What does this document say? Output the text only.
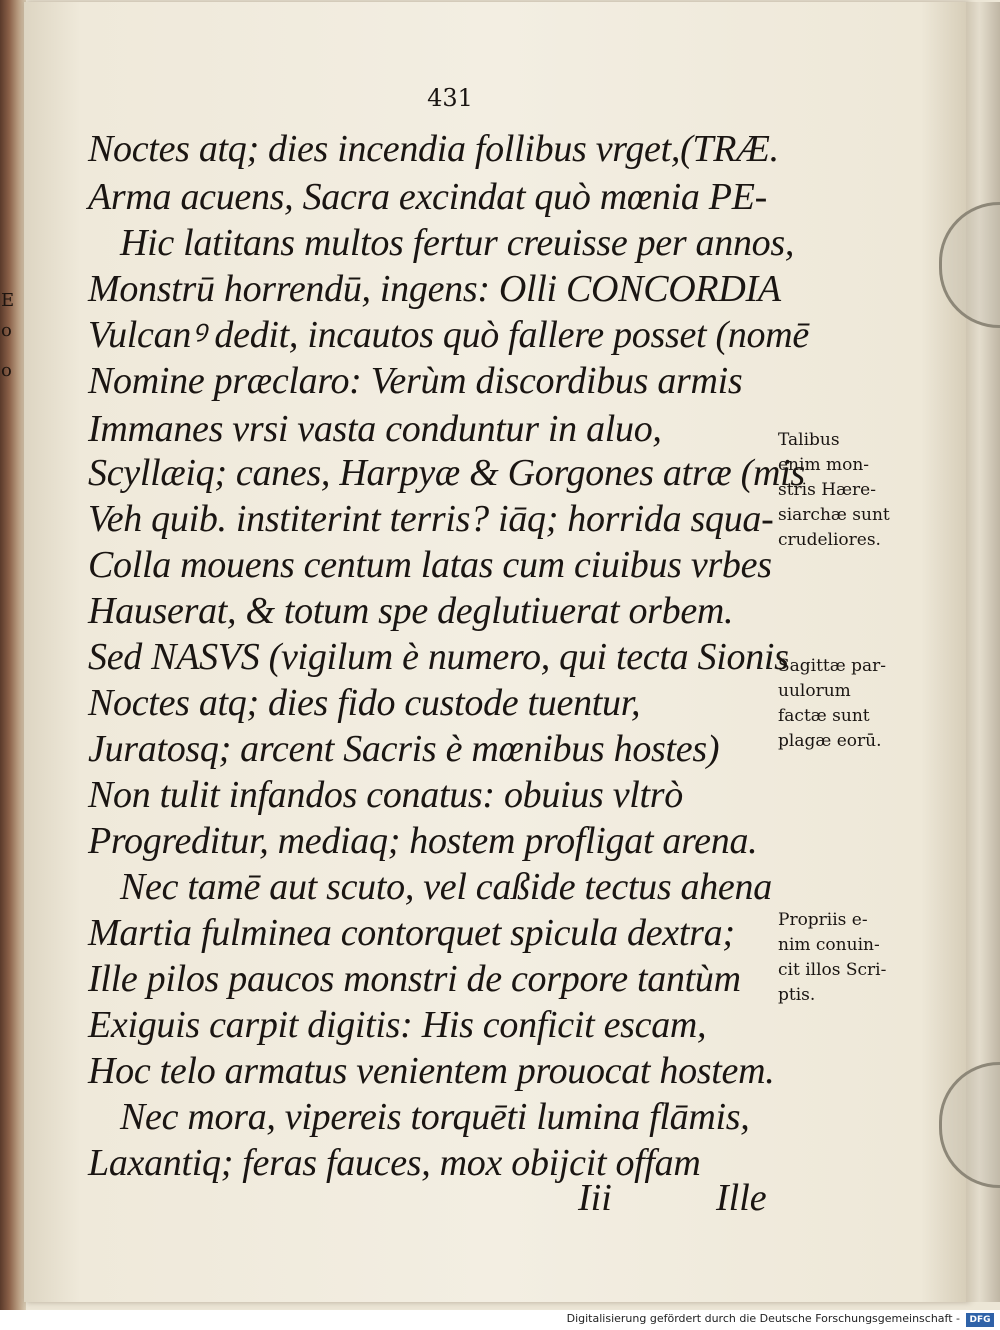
E
o
o
431
Noctes atq; dies incendia follibus vrget,(TRÆ.
Arma acuens, Sacra excindat quò mœnia PE-
Hic latitans multos fertur creuisse per annos,
Monstrū horrendū, ingens: Olli CONCORDIA
Vulcanꝰ dedit, incautos quò fallere posset (nomē
Nomine præclaro: Verùm discordibus armis
Immanes vrsi vasta conduntur in aluo,
Scyllæiq; canes, Harpyæ & Gorgones atræ (mis
Veh quib. institerint terris? iāq; horrida squa-
Colla mouens centum latas cum ciuibus vrbes
Hauserat, & totum spe deglutiuerat orbem.
Sed NASVS (vigilum è numero, qui tecta Sionis
Noctes atq; dies fido custode tuentur,
Juratosq; arcent Sacris è mœnibus hostes)
Non tulit infandos conatus: obuius vltrò
Progreditur, mediaq; hostem profligat arena.
Nec tamē aut scuto, vel caßide tectus ahena
Martia fulminea contorquet spicula dextra;
Ille pilos paucos monstri de corpore tantùm
Exiguis carpit digitis: His conficit escam,
Hoc telo armatus venientem prouocat hostem.
Nec mora, vipereis torquēti lumina flāmis,
Laxantiq; feras fauces, mox obijcit offam
Iii	Ille
Talibus
enim mon-
stris Hære-
siarchæ sunt
crudeliores.
Sagittæ par-
uulorum
factæ sunt
plagæ eorū.
Propriis e-
nim conuin-
cit illos Scri-
ptis.
Digitalisierung gefördert durch die Deutsche Forschungsgemeinschaft -	DFG
